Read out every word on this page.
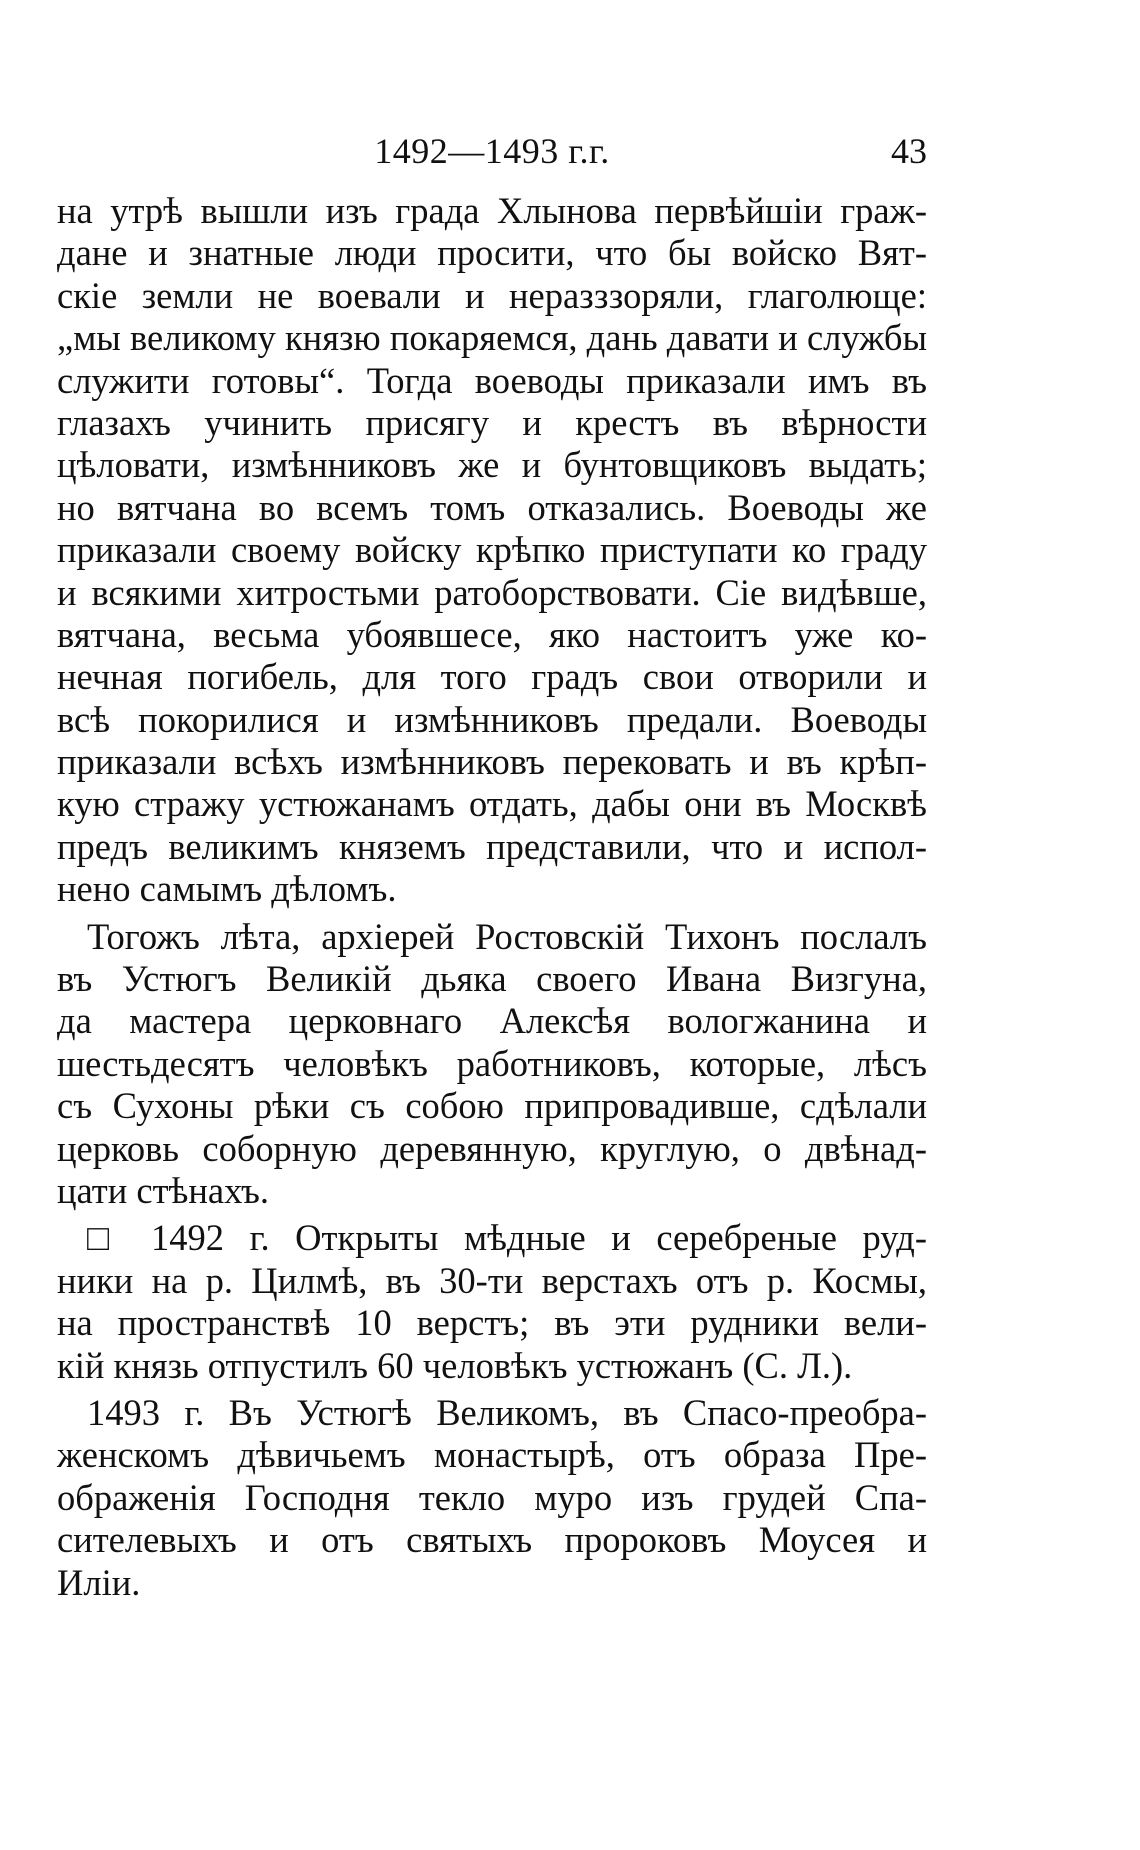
1492—1493 г.г.	43
на утрѣ вышли изъ града Хлынова первѣйшіи граж-
дане и знатные люди просити, что бы войско Вят-
скіе земли не воевали и неразззоряли, глаголюще:
„мы великому князю покаряемся, дань давати и службы
служити готовы“. Тогда воеводы приказали имъ въ
глазахъ учинить присягу и крестъ въ вѣрности
цѣловати, измѣнниковъ же и бунтовщиковъ выдать;
но вятчана во всемъ томъ отказались. Воеводы же
приказали своему войску крѣпко приступати ко граду
и всякими хитростьми ратоборствовати. Сіе видѣвше,
вятчана, весьма убоявшесе, яко настоитъ уже ко-
нечная погибель, для того градъ свои отворили и
всѣ покорилися и измѣнниковъ предали. Воеводы
приказали всѣхъ измѣнниковъ перековать и въ крѣп-
кую стражу устюжанамъ отдать, дабы они въ Москвѣ
предъ великимъ княземъ представили, что и испол-
нено самымъ дѣломъ.
Тогожъ лѣта, архіерей Ростовскій Тихонъ послалъ
въ Устюгъ Великій дьяка своего Ивана Визгуна,
да мастера церковнаго Алексѣя вологжанина и
шестьдесятъ человѣкъ работниковъ, которые, лѣсъ
съ Сухоны рѣки съ собою припровадивше, сдѣлали
церковь соборную деревянную, круглую, о двѣнад-
цати стѣнахъ.
□ 1492 г. Открыты мѣдные и серебреные руд-
ники на р. Цилмѣ, въ 30-ти верстахъ отъ р. Космы,
на пространствѣ 10 верстъ; въ эти рудники вели-
кій князь отпустилъ 60 человѣкъ устюжанъ (С. Л.).
1493 г. Въ Устюгѣ Великомъ, въ Спасо-преобра-
женскомъ дѣвичьемъ монастырѣ, отъ образа Пре-
ображенія Господня текло муро изъ грудей Спа-
сителевыхъ и отъ святыхъ пророковъ Моусея и
Иліи.
